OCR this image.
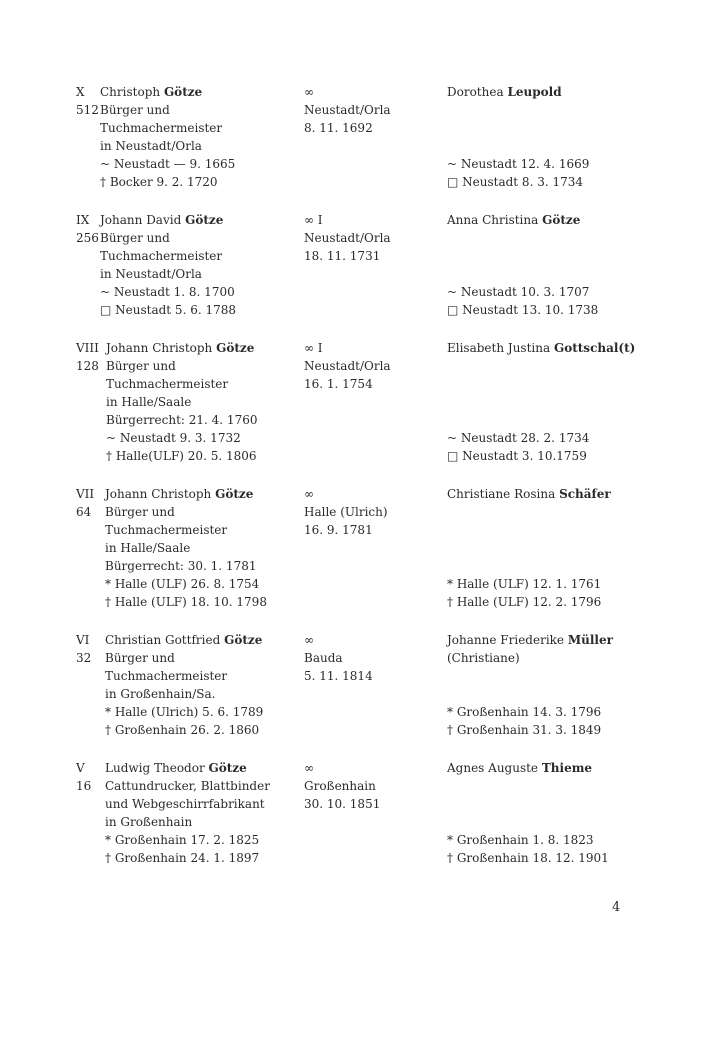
X
512
Christoph Götze
Bürger und
Tuchmachermeister
in Neustadt/Orla
~ Neustadt — 9. 1665
† Bocker 9. 2. 1720
∞
Neustadt/Orla
8. 11. 1692
Dorothea Leupold
~ Neustadt 12. 4. 1669
□ Neustadt 8. 3. 1734
IX
256
Johann David Götze
Bürger und
Tuchmachermeister
in Neustadt/Orla
~ Neustadt 1. 8. 1700
□ Neustadt 5. 6. 1788
∞ I
Neustadt/Orla
18. 11. 1731
Anna Christina Götze
~ Neustadt 10. 3. 1707
□ Neustadt 13. 10. 1738
VIII
128
Johann Christoph Götze
Bürger und
Tuchmachermeister
in Halle/Saale
Bürgerrecht: 21. 4. 1760
~ Neustadt 9. 3. 1732
† Halle(ULF) 20. 5. 1806
∞ I
Neustadt/Orla
16. 1. 1754
Elisabeth Justina Gottschal(t)
~ Neustadt 28. 2. 1734
□ Neustadt 3. 10.1759
VII
64
Johann Christoph Götze
Bürger und
Tuchmachermeister
in Halle/Saale
Bürgerrecht: 30. 1. 1781
* Halle (ULF) 26. 8. 1754
† Halle (ULF) 18. 10. 1798
∞
Halle (Ulrich)
16. 9. 1781
Christiane Rosina Schäfer
* Halle (ULF) 12. 1. 1761
† Halle (ULF) 12. 2. 1796
VI
32
Christian Gottfried Götze
Bürger und
Tuchmachermeister
in Großenhain/Sa.
* Halle (Ulrich) 5. 6. 1789
† Großenhain 26. 2. 1860
∞
Bauda
5. 11. 1814
Johanne Friederike Müller
(Christiane)
* Großenhain 14. 3. 1796
† Großenhain 31. 3. 1849
V
16
Ludwig Theodor Götze
Cattundrucker, Blattbinder
und Webgeschirrfabrikant
in Großenhain
* Großenhain 17. 2. 1825
† Großenhain 24. 1. 1897
∞
Großenhain
30. 10. 1851
Agnes Auguste Thieme
* Großenhain 1. 8. 1823
† Großenhain 18. 12. 1901
4
